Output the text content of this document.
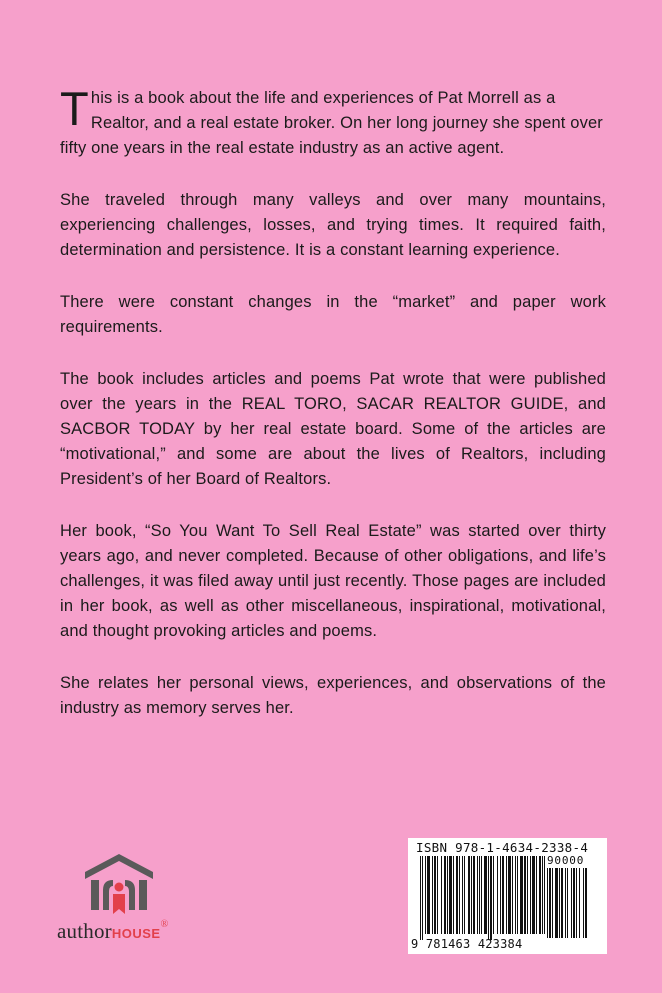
This is a book about the life and experiences of Pat Morrell as a Realtor, and a real estate broker. On her long journey she spent over fifty one years in the real estate industry as an active agent.

She traveled through many valleys and over many mountains, experiencing challenges, losses, and trying times. It required faith, determination and persistence. It is a constant learning experience.

There were constant changes in the “market” and paper work requirements.

The book includes articles and poems Pat wrote that were published over the years in the REAL TORO, SACAR REALTOR GUIDE, and SACBOR TODAY by her real estate board. Some of the articles are “motivational,” and some are about the lives of Realtors, including President’s of her Board of Realtors.

Her book, “So You Want To Sell Real Estate” was started over thirty years ago, and never completed. Because of other obligations, and life’s challenges, it was filed away until just recently. Those pages are included in her book, as well as other miscellaneous, inspirational, motivational, and thought provoking articles and poems.

She relates her personal views, experiences, and observations of the industry as memory serves her.

authorHOUSE®
ISBN 978-1-4634-2338-4
90000
9 781463 423384
